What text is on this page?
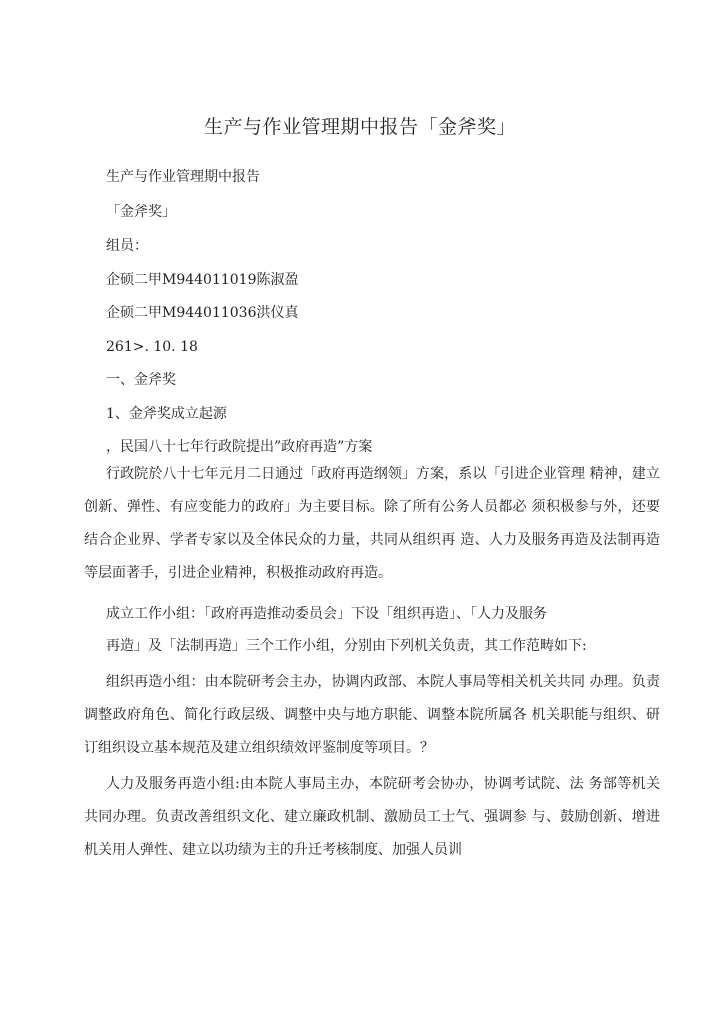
生产与作业管理期中报告「金斧奖」
生产与作业管理期中报告
「金斧奖」
组员：
企硕二甲M944011019陈淑盈
企硕二甲M944011036洪仪真
261>. 10. 18
一、金斧奖
1、金斧奖成立起源
，民国八十七年行政院提出”政府再造”方案

行政院於八十七年元月二日通过「政府再造纲领」方案，系以「引进企业管理 精神，建立创新、弹性、有应变能力的政府」为主要目标。除了所有公务人员都必 须积极参与外，还要结合企业界、学者专家以及全体民众的力量，共同从组织再 造、人力及服务再造及法制再造等层面著手，引进企业精神，积极推动政府再造。

成立工作小组：「政府再造推动委员会」下设「组织再造」、「人力及服务

再造」及「法制再造」三个工作小组，分别由下列机关负责，其工作范畴如下:

组织再造小组：由本院研考会主办，协调内政部、本院人事局等相关机关共同 办理。负责调整政府角色、简化行政层级、调整中央与地方职能、调整本院所属各 机关职能与组织、研订组织设立基本规范及建立组织绩效评鉴制度等项目。？

人力及服务再造小组:由本院人事局主办，本院研考会协办，协调考试院、法 务部等机关共同办理。负责改善组织文化、建立廉政机制、激励员工士气、强调参 与、鼓励创新、增进机关用人弹性、建立以功绩为主的升迁考核制度、加强人员训
